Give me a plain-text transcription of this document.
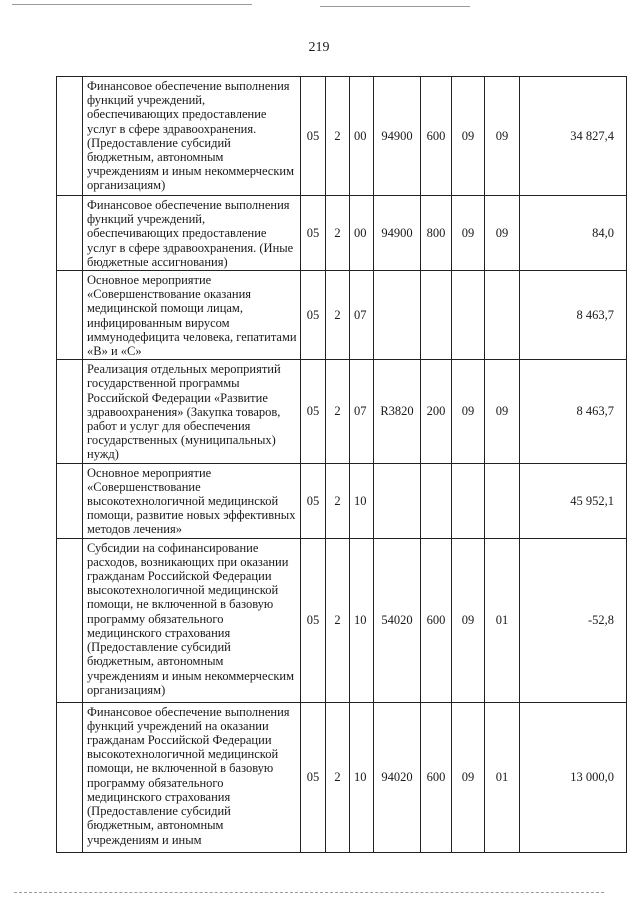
219
	Финансовое обеспечение выполнения функций учреждений, обеспечивающих предоставление услуг в сфере здравоохранения. (Предоставление субсидий бюджетным, автономным учреждениям и иным некоммерческим организациям)	05	2	00	94900	600	09	09	34 827,4
	Финансовое обеспечение выполнения функций учреждений, обеспечивающих предоставление услуг в сфере здравоохранения. (Иные бюджетные ассигнования)	05	2	00	94900	800	09	09	84,0
	Основное мероприятие «Совершенствование оказания медицинской помощи лицам, инфицированным вирусом иммунодефицита человека, гепатитами «В» и «С»	05	2	07					8 463,7
	Реализация отдельных мероприятий государственной программы Российской Федерации «Развитие здравоохранения» (Закупка товаров, работ и услуг для обеспечения государственных (муниципальных) нужд)	05	2	07	R3820	200	09	09	8 463,7
	Основное мероприятие «Совершенствование высокотехнологичной медицинской помощи, развитие новых эффективных методов лечения»	05	2	10					45 952,1
	Субсидии на софинансирование расходов, возникающих при оказании гражданам Российской Федерации высокотехнологичной медицинской помощи, не включенной в базовую программу обязательного медицинского страхования (Предоставление субсидий бюджетным, автономным учреждениям и иным некоммерческим организациям)	05	2	10	54020	600	09	01	-52,8
	Финансовое обеспечение выполнения функций учреждений на оказании гражданам Российской Федерации высокотехнологичной медицинской помощи, не включенной в базовую программу обязательного медицинского страхования (Предоставление субсидий бюджетным, автономным учреждениям и иным	05	2	10	94020	600	09	01	13 000,0
